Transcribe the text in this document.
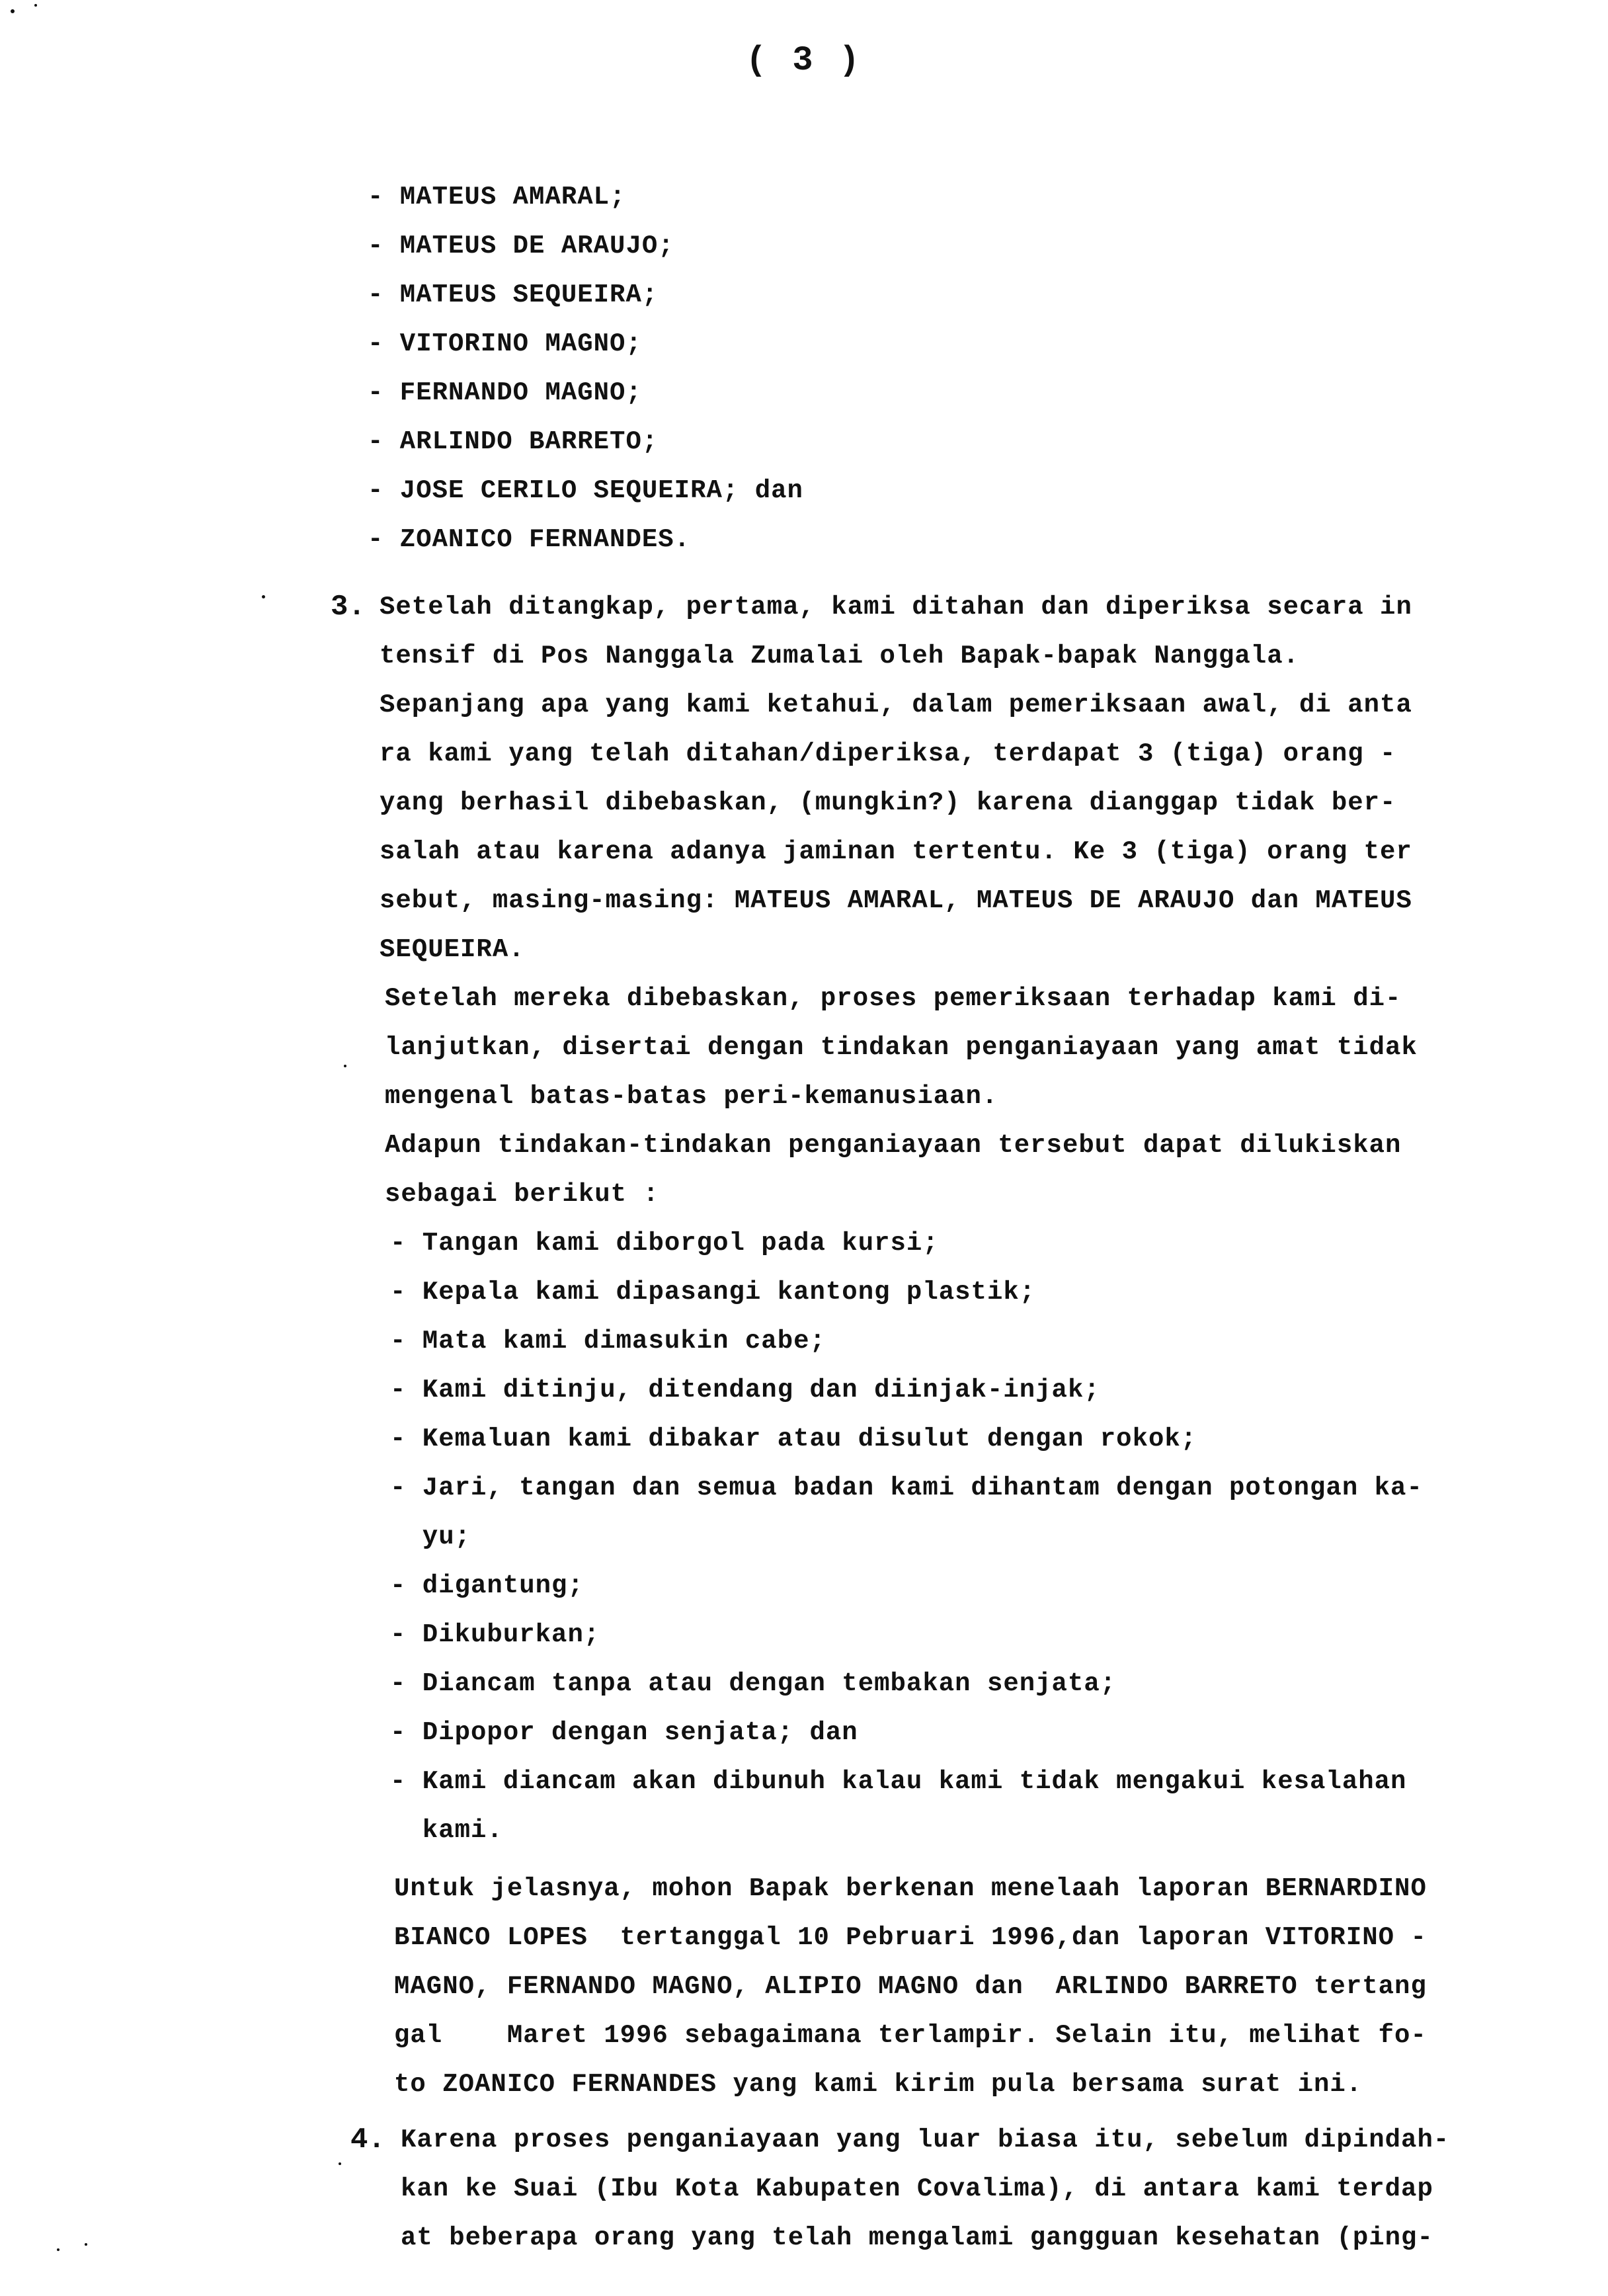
( 3 )
- MATEUS AMARAL;
- MATEUS DE ARAUJO;
- MATEUS SEQUEIRA;
- VITORINO MAGNO;
- FERNANDO MAGNO;
- ARLINDO BARRETO;
- JOSE CERILO SEQUEIRA; dan
- ZOANICO FERNANDES.
3. Setelah ditangkap, pertama, kami ditahan dan diperiksa secara in
tensif di Pos Nanggala Zumalai oleh Bapak-bapak Nanggala.
Sepanjang apa yang kami ketahui, dalam pemeriksaan awal, di anta
ra kami yang telah ditahan/diperiksa, terdapat 3 (tiga) orang -
yang berhasil dibebaskan, (mungkin?) karena dianggap tidak ber-
salah atau karena adanya jaminan tertentu. Ke 3 (tiga) orang ter
sebut, masing-masing: MATEUS AMARAL, MATEUS DE ARAUJO dan MATEUS
SEQUEIRA.
Setelah mereka dibebaskan, proses pemeriksaan terhadap kami di-
lanjutkan, disertai dengan tindakan penganiayaan yang amat tidak
mengenal batas-batas peri-kemanusiaan.
Adapun tindakan-tindakan penganiayaan tersebut dapat dilukiskan
sebagai berikut :
- Tangan kami diborgol pada kursi;
- Kepala kami dipasangi kantong plastik;
- Mata kami dimasukin cabe;
- Kami ditinju, ditendang dan diinjak-injak;
- Kemaluan kami dibakar atau disulut dengan rokok;
- Jari, tangan dan semua badan kami dihantam dengan potongan ka-
yu;
- digantung;
- Dikuburkan;
- Diancam tanpa atau dengan tembakan senjata;
- Dipopor dengan senjata; dan
- Kami diancam akan dibunuh kalau kami tidak mengakui kesalahan
kami.
Untuk jelasnya, mohon Bapak berkenan menelaah laporan BERNARDINO
BIANCO LOPES  tertanggal 10 Pebruari 1996,dan laporan VITORINO -
MAGNO, FERNANDO MAGNO, ALIPIO MAGNO dan  ARLINDO BARRETO tertang
gal    Maret 1996 sebagaimana terlampir. Selain itu, melihat fo-
to ZOANICO FERNANDES yang kami kirim pula bersama surat ini.
4. Karena proses penganiayaan yang luar biasa itu, sebelum dipindah-
kan ke Suai (Ibu Kota Kabupaten Covalima), di antara kami terdap
at beberapa orang yang telah mengalami gangguan kesehatan (ping-
